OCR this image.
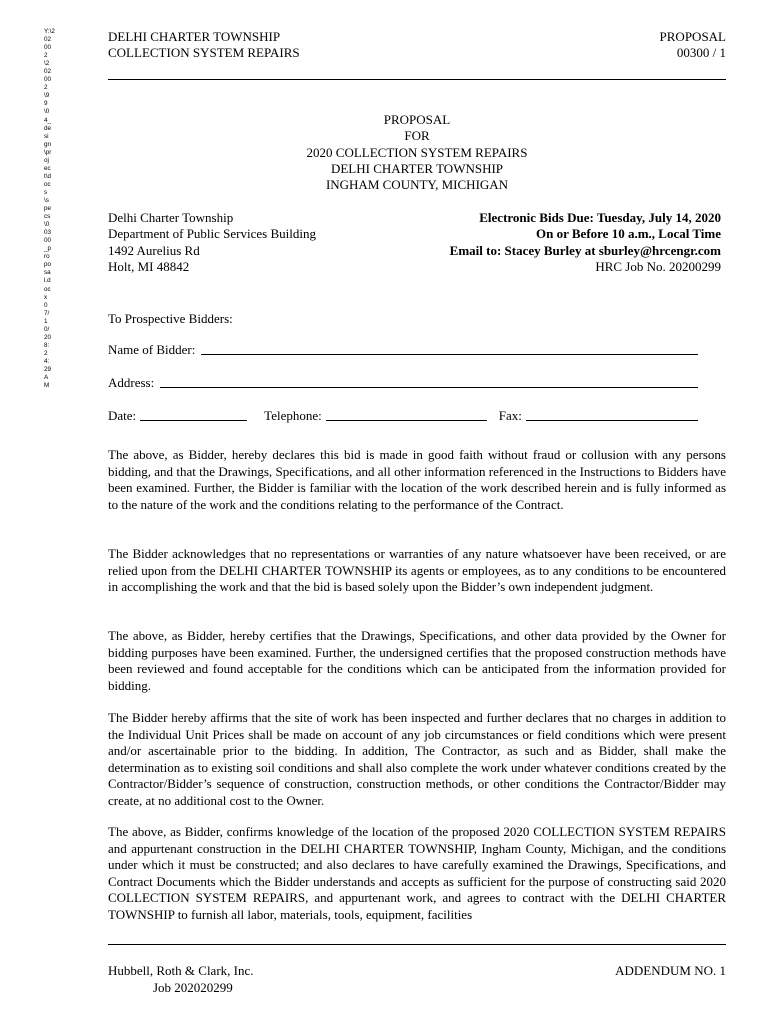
Y:\202002\202002\99\04_design\project\docs\specs\00300_proposal.docx 07/10/20 8:24:29 AM
DELHI CHARTER TOWNSHIP
COLLECTION SYSTEM REPAIRS
PROPOSAL
00300 / 1
PROPOSAL
FOR
2020 COLLECTION SYSTEM REPAIRS
DELHI CHARTER TOWNSHIP
INGHAM COUNTY, MICHIGAN
Delhi Charter Township
Department of Public Services Building
1492 Aurelius Rd
Holt, MI 48842
Electronic Bids Due: Tuesday, July 14, 2020
On or Before 10 a.m., Local Time
Email to: Stacey Burley at sburley@hrcengr.com
HRC Job No. 20200299
To Prospective Bidders:
Name of Bidder:
Address:
Date:	Telephone:	Fax:

The above, as Bidder, hereby declares this bid is made in good faith without fraud or collusion with any persons bidding, and that the Drawings, Specifications, and all other information referenced in the Instructions to Bidders have been examined. Further, the Bidder is familiar with the location of the work described herein and is fully informed as to the nature of the work and the conditions relating to the performance of the Contract.

The Bidder acknowledges that no representations or warranties of any nature whatsoever have been received, or are relied upon from the DELHI CHARTER TOWNSHIP its agents or employees, as to any conditions to be encountered in accomplishing the work and that the bid is based solely upon the Bidder’s own independent judgment.

The above, as Bidder, hereby certifies that the Drawings, Specifications, and other data provided by the Owner for bidding purposes have been examined. Further, the undersigned certifies that the proposed construction methods have been reviewed and found acceptable for the conditions which can be anticipated from the information provided for bidding.

The Bidder hereby affirms that the site of work has been inspected and further declares that no charges in addition to the Individual Unit Prices shall be made on account of any job circumstances or field conditions which were present and/or ascertainable prior to the bidding. In addition, The Contractor, as such and as Bidder, shall make the determination as to existing soil conditions and shall also complete the work under whatever conditions created by the Contractor/Bidder’s sequence of construction, construction methods, or other conditions the Contractor/Bidder may create, at no additional cost to the Owner.

The above, as Bidder, confirms knowledge of the location of the proposed 2020 COLLECTION SYSTEM REPAIRS and appurtenant construction in the DELHI CHARTER TOWNSHIP, Ingham County, Michigan, and the conditions under which it must be constructed; and also declares to have carefully examined the Drawings, Specifications, and Contract Documents which the Bidder understands and accepts as sufficient for the purpose of constructing said 2020 COLLECTION SYSTEM REPAIRS, and appurtenant work, and agrees to contract with the DELHI CHARTER TOWNSHIP to furnish all labor, materials, tools, equipment, facilities

Hubbell, Roth & Clark, Inc.
Job 202020299
ADDENDUM NO. 1
